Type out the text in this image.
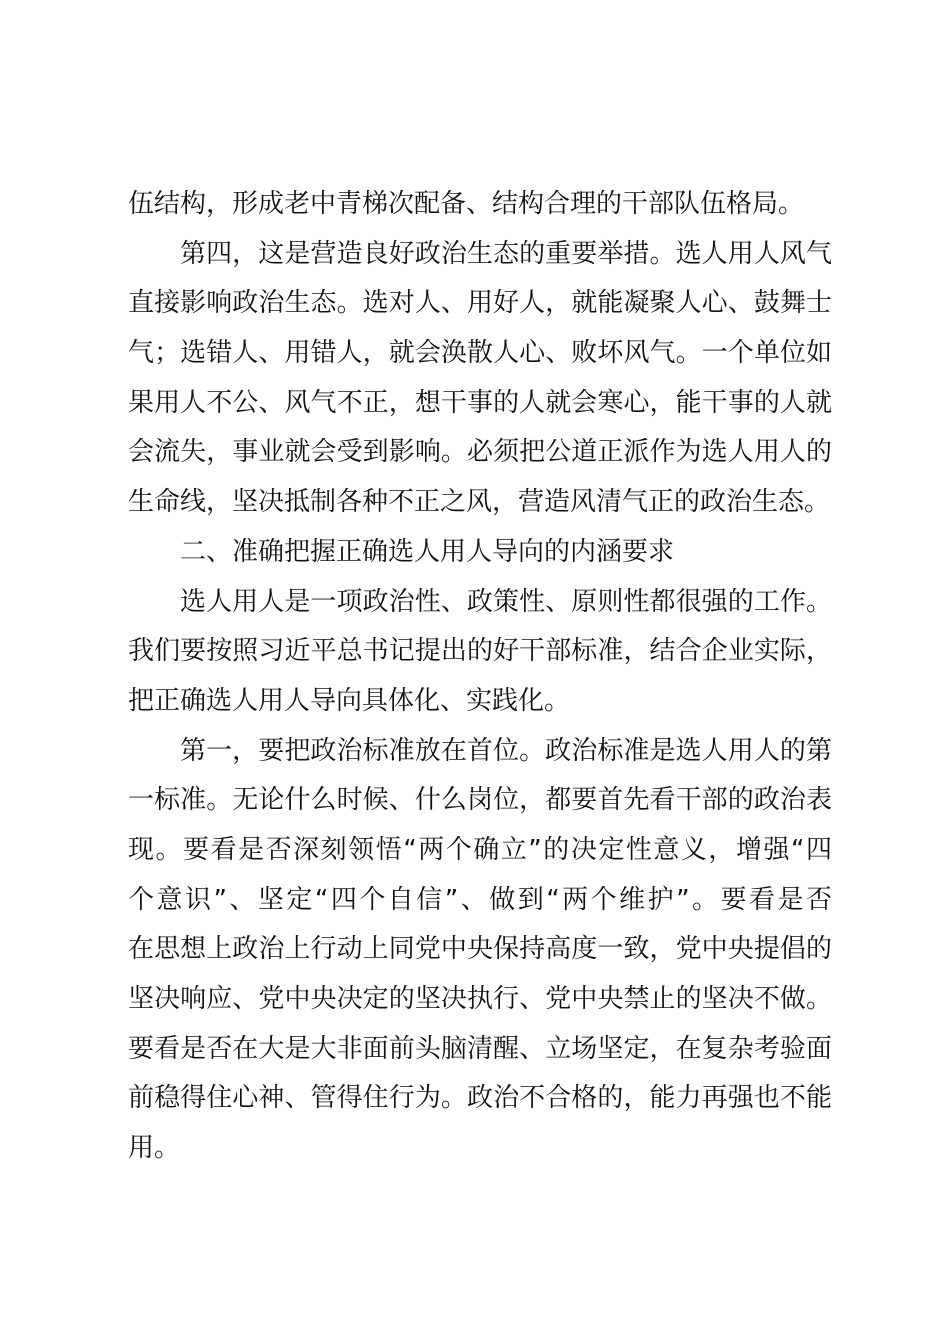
伍结构，形成老中青梯次配备、结构合理的干部队伍格局。
第四，这是营造良好政治生态的重要举措。选人用人风气
直接影响政治生态。选对人、用好人，就能凝聚人心、鼓舞士
气；选错人、用错人，就会涣散人心、败坏风气。一个单位如
果用人不公、风气不正，想干事的人就会寒心，能干事的人就
会流失，事业就会受到影响。必须把公道正派作为选人用人的
生命线，坚决抵制各种不正之风，营造风清气正的政治生态。
二、准确把握正确选人用人导向的内涵要求
选人用人是一项政治性、政策性、原则性都很强的工作。
我们要按照习近平总书记提出的好干部标准，结合企业实际，
把正确选人用人导向具体化、实践化。
第一，要把政治标准放在首位。政治标准是选人用人的第
一标准。无论什么时候、什么岗位，都要首先看干部的政治表
现。要看是否深刻领悟“两个确立”的决定性意义，增强“四
个意识”、坚定“四个自信”、做到“两个维护”。要看是否
在思想上政治上行动上同党中央保持高度一致，党中央提倡的
坚决响应、党中央决定的坚决执行、党中央禁止的坚决不做。
要看是否在大是大非面前头脑清醒、立场坚定，在复杂考验面
前稳得住心神、管得住行为。政治不合格的，能力再强也不能
用。
